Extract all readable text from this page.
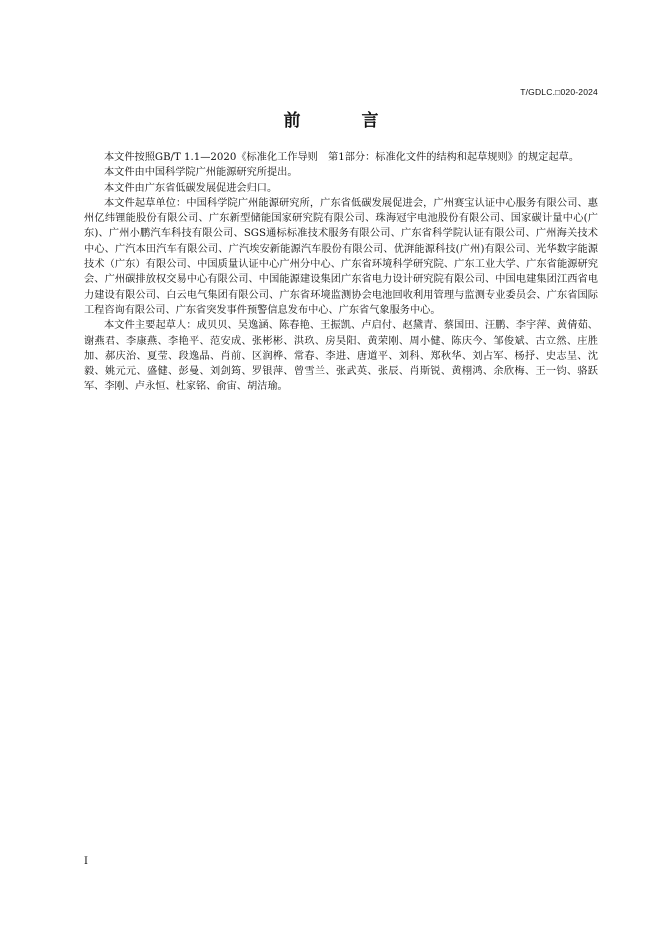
T/GDLC.□020-2024
前　言

本文件按照GB/T 1.1—2020《标准化工作导则　第1部分：标准化文件的结构和起草规则》的规定起草。

本文件由中国科学院广州能源研究所提出。

本文件由广东省低碳发展促进会归口。

本文件起草单位：中国科学院广州能源研究所，广东省低碳发展促进会，广州赛宝认证中心服务有限公司、惠州亿纬锂能股份有限公司、广东新型储能国家研究院有限公司、珠海冠宇电池股份有限公司、国家碳计量中心(广东)、广州小鹏汽车科技有限公司、SGS通标标准技术服务有限公司、广东省科学院认证有限公司、广州海关技术中心、广汽本田汽车有限公司、广汽埃安新能源汽车股份有限公司、优湃能源科技(广州)有限公司、光华数字能源技术（广东）有限公司、中国质量认证中心广州分中心、广东省环境科学研究院、广东工业大学、广东省能源研究会、广州碳排放权交易中心有限公司、中国能源建设集团广东省电力设计研究院有限公司、中国电建集团江西省电力建设有限公司、白云电气集团有限公司、广东省环境监测协会电池回收利用管理与监测专业委员会、广东省国际工程咨询有限公司、广东省突发事件预警信息发布中心、广东省气象服务中心。

本文件主要起草人：成贝贝、吴逸涵、陈春艳、王振凯、卢启付、赵黛青、蔡国田、汪鹏、李宇萍、黄倩茹、谢燕君、李康燕、李艳平、范安成、张彬彬、洪玖、房昊阳、黄荣刚、周小健、陈庆今、邹俊斌、古立然、庄胜加、郝庆治、夏莹、段逸晶、肖前、区润桦、常春、李进、唐道平、刘科、郑秋华、刘占军、杨抒、史志呈、沈毅、姚元元、盛健、彭曼、刘剑筠、罗银萍、曾雪兰、张武英、张辰、肖斯锐、黄栩鸿、余欣梅、王一钧、骆跃军、李刚、卢永恒、杜家铭、俞宙、胡洁瑜。

I
